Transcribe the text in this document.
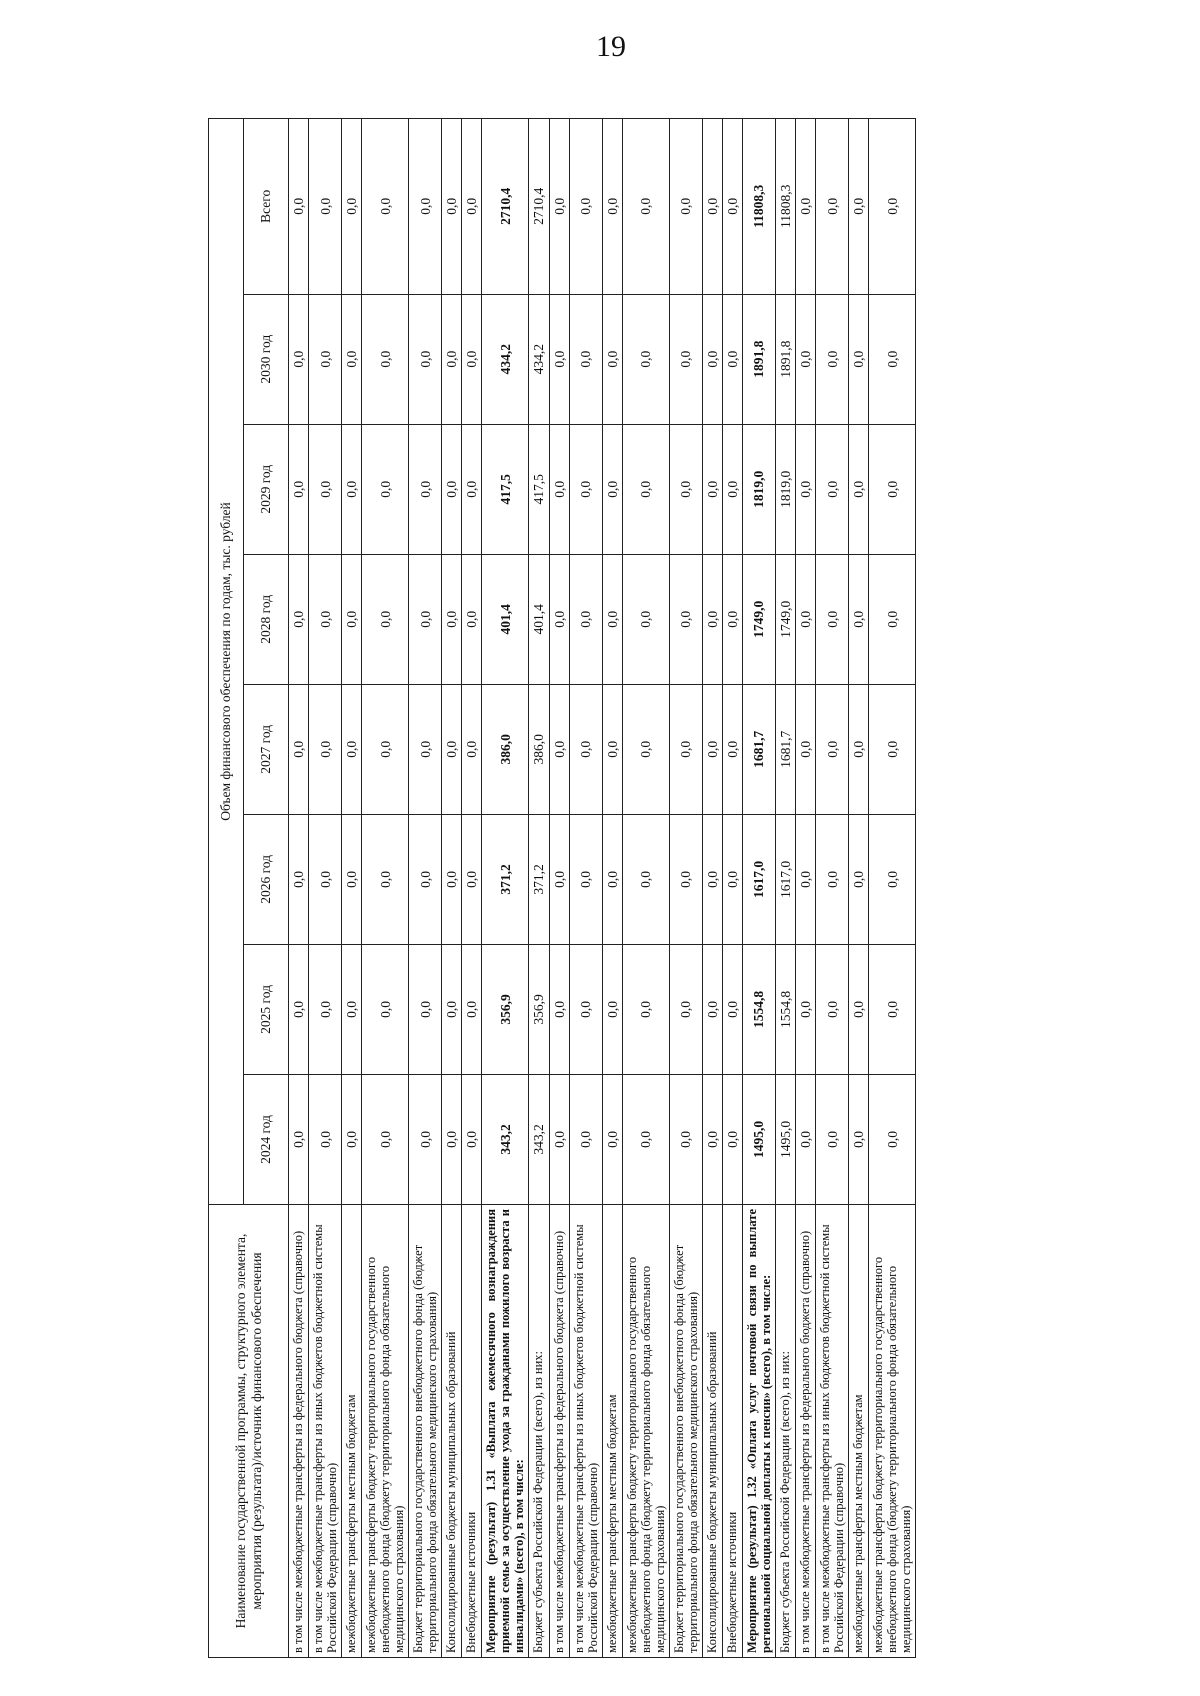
19
Наименование государственной программы, структурного элемента, мероприятия (результата)/источник финансового обеспечения	Объем финансового обеспечения по годам, тыс. рублей							
	2024 год	2025 год	2026 год	2027 год	2028 год	2029 год	2030 год	Всего
в том числе межбюджетные трансферты из федерального бюджета (справочно)	0,0	0,0	0,0	0,0	0,0	0,0	0,0	0,0
в том числе межбюджетные трансферты из иных бюджетов бюджетной системы Российской Федерации (справочно)	0,0	0,0	0,0	0,0	0,0	0,0	0,0	0,0
межбюджетные трансферты местным бюджетам	0,0	0,0	0,0	0,0	0,0	0,0	0,0	0,0
межбюджетные трансферты бюджету территориального государственного внебюджетного фонда (бюджету территориального фонда обязательного медицинского страхования)	0,0	0,0	0,0	0,0	0,0	0,0	0,0	0,0
Бюджет территориального государственного внебюджетного фонда (бюджет территориального фонда обязательного медицинского страхования)	0,0	0,0	0,0	0,0	0,0	0,0	0,0	0,0
Консолидированные бюджеты муниципальных образований	0,0	0,0	0,0	0,0	0,0	0,0	0,0	0,0
Внебюджетные источники	0,0	0,0	0,0	0,0	0,0	0,0	0,0	0,0
Мероприятие (результат) 1.31 «Выплата ежемесячного вознаграждения приемной семье за осуществление ухода за гражданами пожилого возраста и инвалидами» (всего), в том числе:	343,2	356,9	371,2	386,0	401,4	417,5	434,2	2710,4
Бюджет субъекта Российской Федерации (всего), из них:	343,2	356,9	371,2	386,0	401,4	417,5	434,2	2710,4
в том числе межбюджетные трансферты из федерального бюджета (справочно)	0,0	0,0	0,0	0,0	0,0	0,0	0,0	0,0
в том числе межбюджетные трансферты из иных бюджетов бюджетной системы Российской Федерации (справочно)	0,0	0,0	0,0	0,0	0,0	0,0	0,0	0,0
межбюджетные трансферты местным бюджетам	0,0	0,0	0,0	0,0	0,0	0,0	0,0	0,0
межбюджетные трансферты бюджету территориального государственного внебюджетного фонда (бюджету территориального фонда обязательного медицинского страхования)	0,0	0,0	0,0	0,0	0,0	0,0	0,0	0,0
Бюджет территориального государственного внебюджетного фонда (бюджет территориального фонда обязательного медицинского страхования)	0,0	0,0	0,0	0,0	0,0	0,0	0,0	0,0
Консолидированные бюджеты муниципальных образований	0,0	0,0	0,0	0,0	0,0	0,0	0,0	0,0
Внебюджетные источники	0,0	0,0	0,0	0,0	0,0	0,0	0,0	0,0
Мероприятие (результат) 1.32 «Оплата услуг почтовой связи по выплате региональной социальной доплаты к пенсии» (всего), в том числе:	1495,0	1554,8	1617,0	1681,7	1749,0	1819,0	1891,8	11808,3
Бюджет субъекта Российской Федерации (всего), из них:	1495,0	1554,8	1617,0	1681,7	1749,0	1819,0	1891,8	11808,3
в том числе межбюджетные трансферты из федерального бюджета (справочно)	0,0	0,0	0,0	0,0	0,0	0,0	0,0	0,0
в том числе межбюджетные трансферты из иных бюджетов бюджетной системы Российской Федерации (справочно)	0,0	0,0	0,0	0,0	0,0	0,0	0,0	0,0
межбюджетные трансферты местным бюджетам	0,0	0,0	0,0	0,0	0,0	0,0	0,0	0,0
межбюджетные трансферты бюджету территориального государственного внебюджетного фонда (бюджету территориального фонда обязательного медицинского страхования)	0,0	0,0	0,0	0,0	0,0	0,0	0,0	0,0
